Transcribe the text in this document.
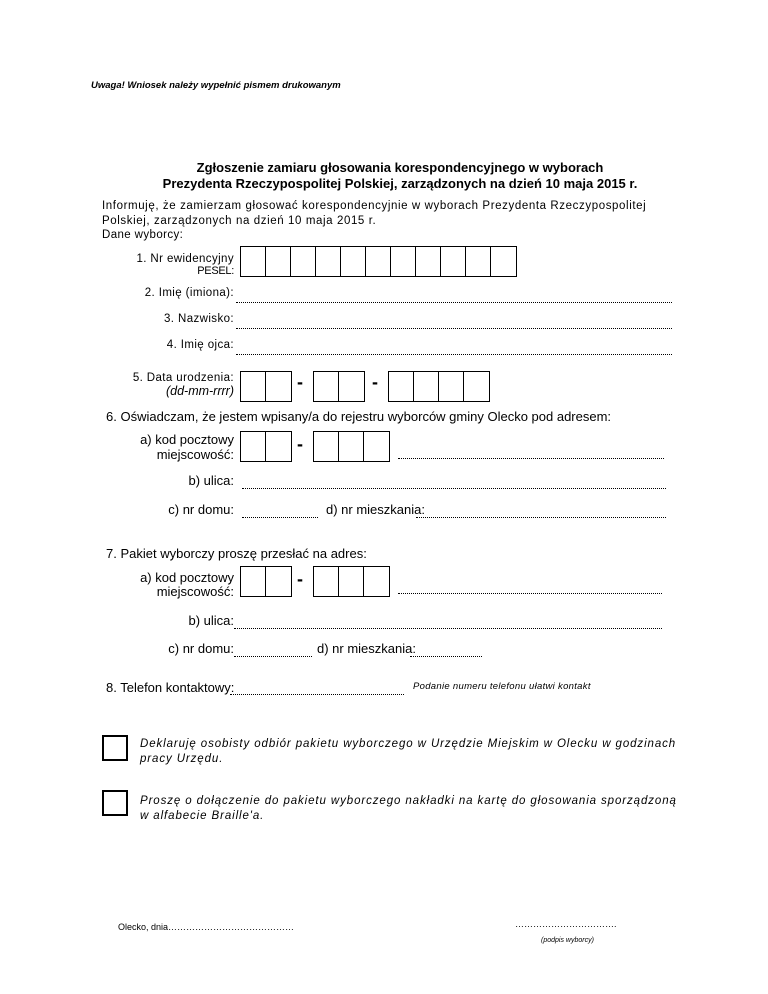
Uwaga! Wniosek należy wypełnić pismem drukowanym
Zgłoszenie zamiaru głosowania korespondencyjnego w wyborach
Prezydenta Rzeczypospolitej Polskiej, zarządzonych na dzień 10 maja 2015 r.
Informuję, że zamierzam głosować korespondencyjnie w wyborach Prezydenta Rzeczypospolitej Polskiej, zarządzonych na dzień 10 maja 2015 r.
Dane wyborcy:
1. Nr ewidencyjny
PESEL:
2. Imię (imiona):
3. Nazwisko:
4. Imię ojca:
5. Data urodzenia:
(dd-mm-rrrr)	-	-
6. Oświadczam, że jestem wpisany/a do rejestru wyborców gminy Olecko pod adresem:
a) kod pocztowy
miejscowość:
-
b) ulica:
c) nr domu:	d) nr mieszkania:
7. Pakiet wyborczy proszę przesłać na adres:
a) kod pocztowy
miejscowość:
-
b) ulica:
c) nr domu:	d) nr mieszkania:
8. Telefon kontaktowy:	Podanie numeru telefonu ułatwi kontakt
Deklaruję osobisty odbiór pakietu wyborczego w Urzędzie Miejskim w Olecku w godzinach pracy Urzędu.
Proszę o dołączenie do pakietu wyborczego nakładki na kartę do głosowania sporządzoną w alfabecie Braille'a.
Olecko, dnia……………………………………	…………………………….
(podpis wyborcy)
